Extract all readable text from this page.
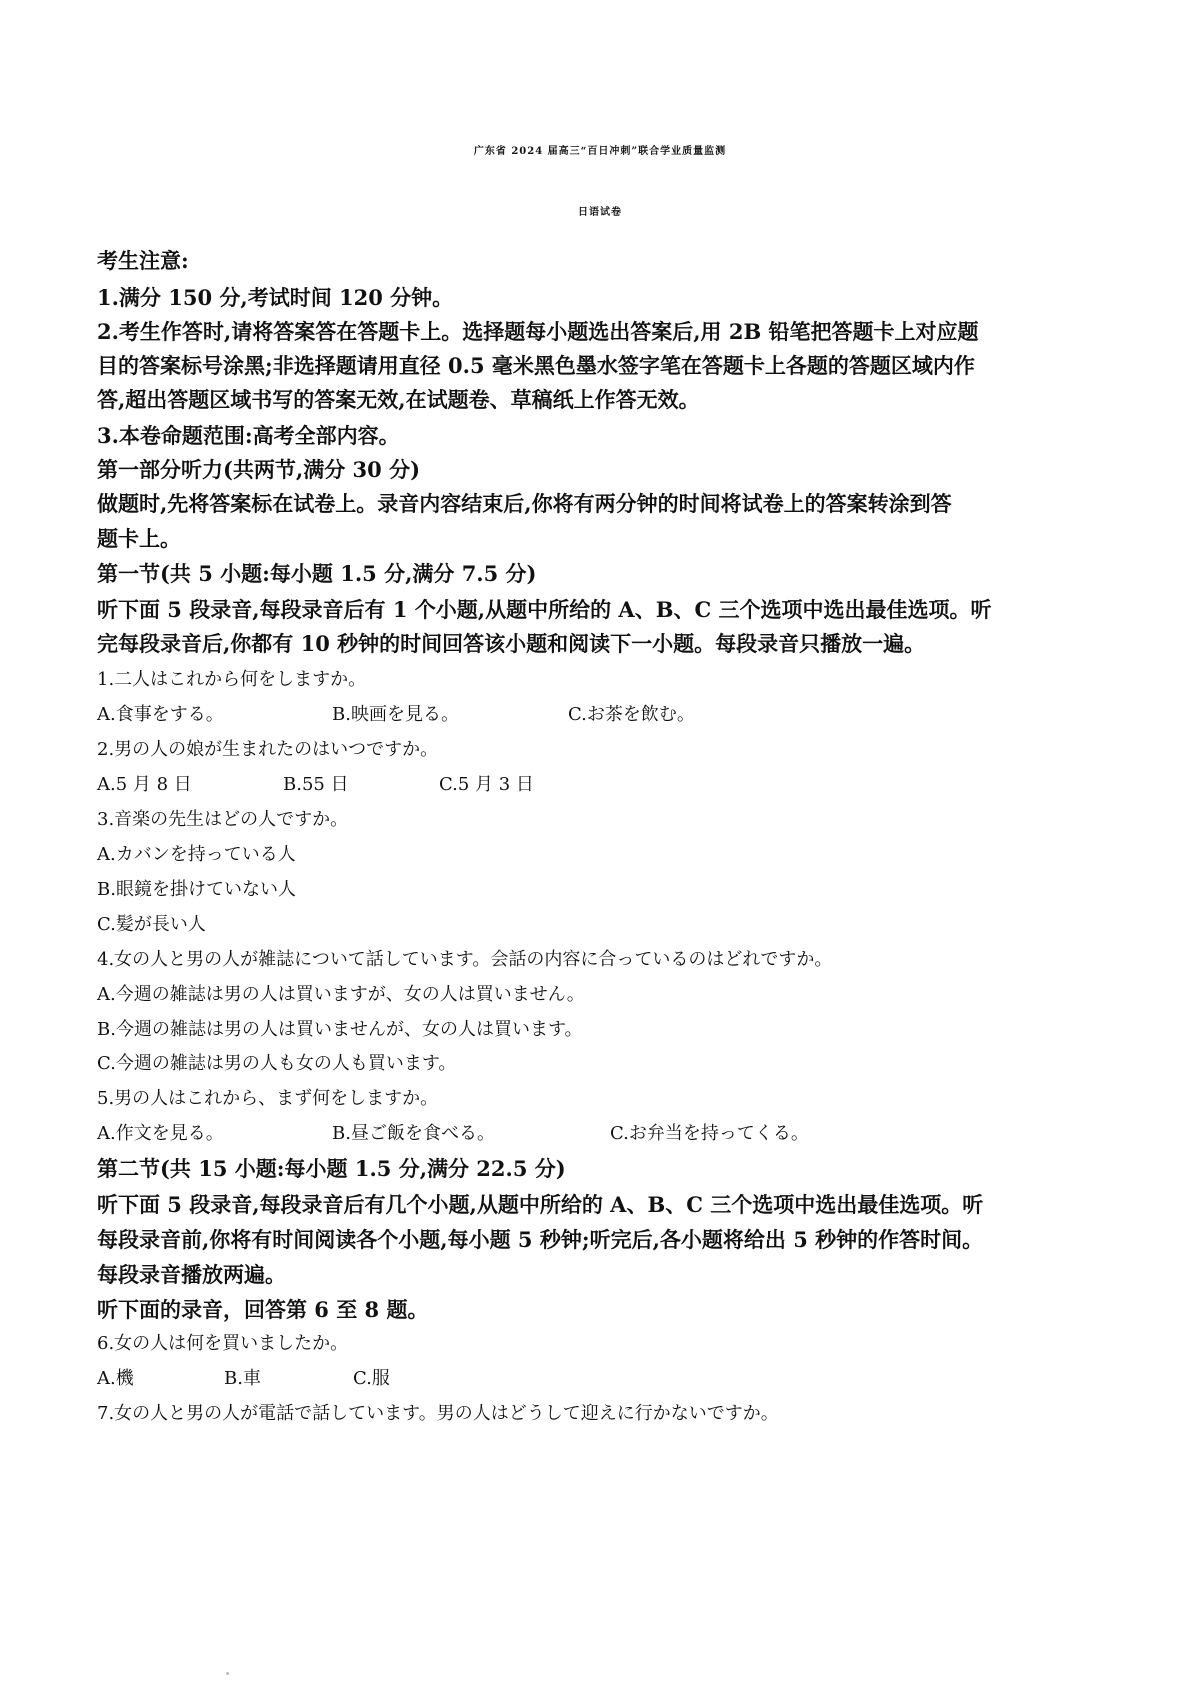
广东省 2024 届高三“百日冲刺”联合学业质量监测
日语试卷
考生注意:
1.满分 150 分,考试时间 120 分钟。
2.考生作答时,请将答案答在答题卡上。选择题每小题选出答案后,用 2B 铅笔把答题卡上对应题
目的答案标号涂黑;非选择题请用直径 0.5 毫米黑色墨水签字笔在答题卡上各题的答题区域内作
答,超出答题区域书写的答案无效,在试题卷、草稿纸上作答无效。
3.本卷命题范围:高考全部内容。
第一部分听力(共两节,满分 30 分)
做题时,先将答案标在试卷上。录音内容结束后,你将有两分钟的时间将试卷上的答案转涂到答
题卡上。
第一节(共 5 小题:每小题 1.5 分,满分 7.5 分)
听下面 5 段录音,每段录音后有 1 个小题,从题中所给的 A、B、C 三个选项中选出最佳选项。听
完每段录音后,你都有 10 秒钟的时间回答该小题和阅读下一小题。每段录音只播放一遍。
1.二人はこれから何をしますか。
A.食事をする。	B.映画を見る。	C.お茶を飲む。
2.男の人の娘が生まれたのはいつですか。
A.5 月 8 日	B.55 日	C.5 月 3 日
3.音楽の先生はどの人ですか。
A.カバンを持っている人
B.眼鏡を掛けていない人
C.髪が長い人
4.女の人と男の人が雑誌について話しています。会話の内容に合っているのはどれですか。
A.今週の雑誌は男の人は買いますが、女の人は買いません。
B.今週の雑誌は男の人は買いませんが、女の人は買います。
C.今週の雑誌は男の人も女の人も買います。
5.男の人はこれから、まず何をしますか。
A.作文を見る。	B.昼ご飯を食べる。	C.お弁当を持ってくる。
第二节(共 15 小题:每小题 1.5 分,满分 22.5 分)
听下面 5 段录音,每段录音后有几个小题,从题中所给的 A、B、C 三个选项中选出最佳选项。听
每段录音前,你将有时间阅读各个小题,每小题 5 秒钟;听完后,各小题将给出 5 秒钟的作答时间。
每段录音播放两遍。
听下面的录音，回答第 6 至 8 题。
6.女の人は何を買いましたか。
A.機	B.車	C.服
7.女の人と男の人が電話で話しています。男の人はどうして迎えに行かないですか。
